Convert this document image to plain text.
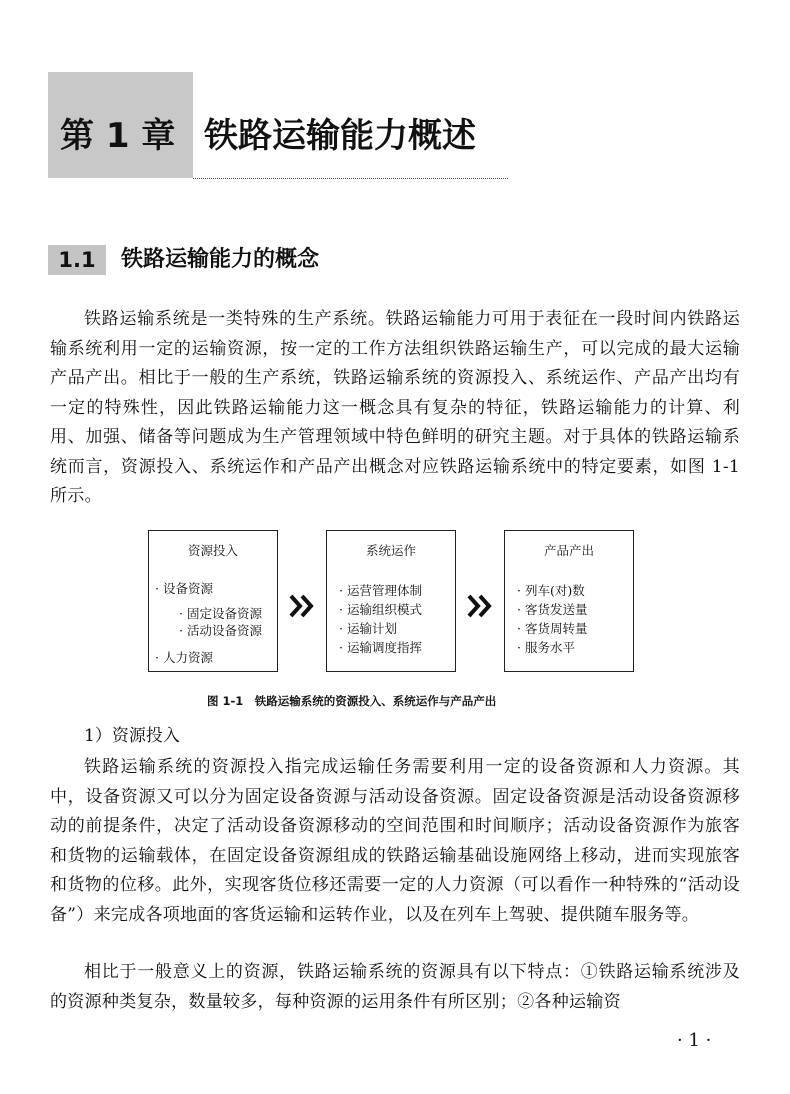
第 1 章 铁路运输能力概述
1.1	铁路运输能力的概念

铁路运输系统是一类特殊的生产系统。铁路运输能力可用于表征在一段时间内铁路运输系统利用一定的运输资源，按一定的工作方法组织铁路运输生产，可以完成的最大运输产品产出。相比于一般的生产系统，铁路运输系统的资源投入、系统运作、产品产出均有一定的特殊性，因此铁路运输能力这一概念具有复杂的特征，铁路运输能力的计算、利用、加强、储备等问题成为生产管理领域中特色鲜明的研究主题。对于具体的铁路运输系统而言，资源投入、系统运作和产品产出概念对应铁路运输系统中的特定要素，如图 1-1 所示。

资源投入
· 设备资源
· 固定设备资源
· 活动设备资源
· 人力资源
系统运作
· 运营管理体制
· 运输组织模式
· 运输计划
· 运输调度指挥
产品产出
· 列车(对)数
· 客货发送量
· 客货周转量
· 服务水平
图 1-1　铁路运输系统的资源投入、系统运作与产品产出
1）资源投入

铁路运输系统的资源投入指完成运输任务需要利用一定的设备资源和人力资源。其中，设备资源又可以分为固定设备资源与活动设备资源。固定设备资源是活动设备资源移动的前提条件，决定了活动设备资源移动的空间范围和时间顺序；活动设备资源作为旅客和货物的运输载体，在固定设备资源组成的铁路运输基础设施网络上移动，进而实现旅客和货物的位移。此外，实现客货位移还需要一定的人力资源（可以看作一种特殊的“活动设备”）来完成各项地面的客货运输和运转作业，以及在列车上驾驶、提供随车服务等。

相比于一般意义上的资源，铁路运输系统的资源具有以下特点：①铁路运输系统涉及的资源种类复杂，数量较多，每种资源的运用条件有所区别；②各种运输资

· 1 ·
